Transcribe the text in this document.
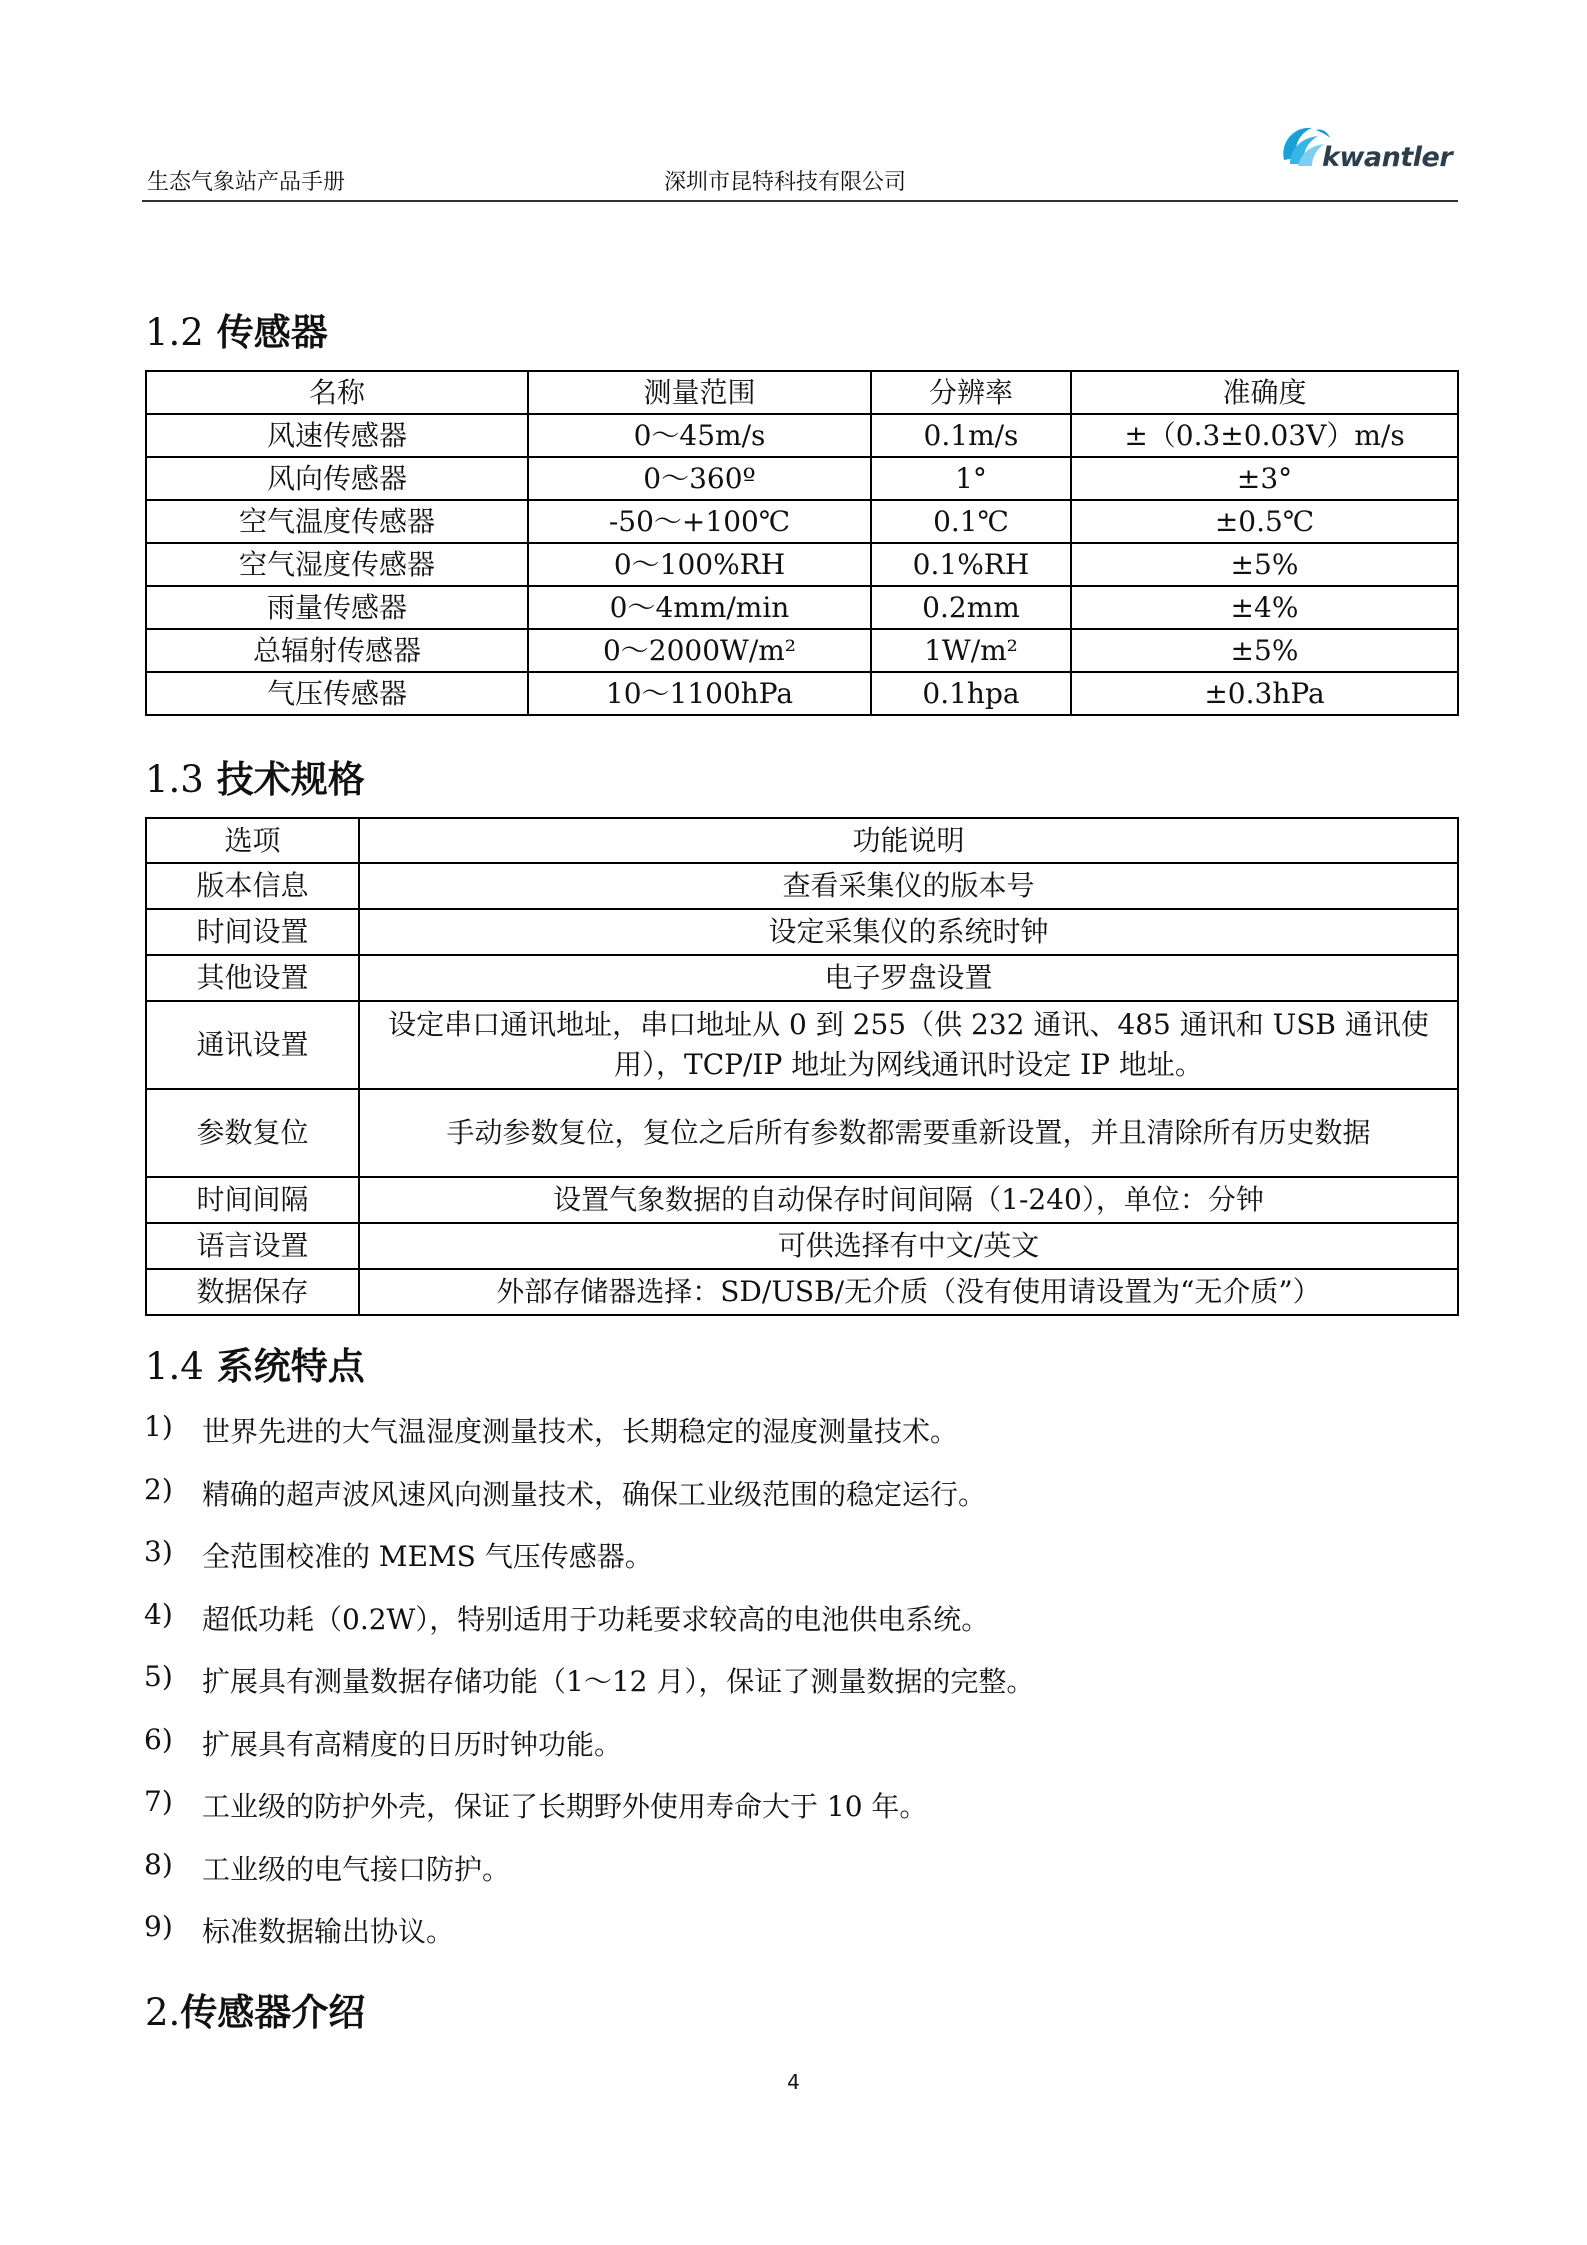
生态气象站产品手册	深圳市昆特科技有限公司
kwantler
1.2 传感器
名称	测量范围	分辨率	准确度
风速传感器	0～45m/s	0.1m/s	±（0.3±0.03V）m/s
风向传感器	0～360º	1°	±3°
空气温度传感器	-50～+100℃	0.1℃	±0.5℃
空气湿度传感器	0～100%RH	0.1%RH	±5%
雨量传感器	0～4mm/min	0.2mm	±4%
总辐射传感器	0～2000W/m²	1W/m²	±5%
气压传感器	10～1100hPa	0.1hpa	±0.3hPa
1.3 技术规格
选项	功能说明
版本信息	查看采集仪的版本号
时间设置	设定采集仪的系统时钟
其他设置	电子罗盘设置
通讯设置	设定串口通讯地址，串口地址从 0 到 255（供 232 通讯、485 通讯和 USB 通讯使用），TCP/IP 地址为网线通讯时设定 IP 地址。
参数复位	手动参数复位，复位之后所有参数都需要重新设置，并且清除所有历史数据
时间间隔	设置气象数据的自动保存时间间隔（1-240），单位：分钟
语言设置	可供选择有中文/英文
数据保存	外部存储器选择：SD/USB/无介质（没有使用请设置为“无介质”）
1.4 系统特点
1)	世界先进的大气温湿度测量技术，长期稳定的湿度测量技术。
2)	精确的超声波风速风向测量技术，确保工业级范围的稳定运行。
3)	全范围校准的 MEMS 气压传感器。
4)	超低功耗（0.2W），特别适用于功耗要求较高的电池供电系统。
5)	扩展具有测量数据存储功能（1～12 月），保证了测量数据的完整。
6)	扩展具有高精度的日历时钟功能。
7)	工业级的防护外壳，保证了长期野外使用寿命大于 10 年。
8)	工业级的电气接口防护。
9)	标准数据输出协议。
2.传感器介绍
4
